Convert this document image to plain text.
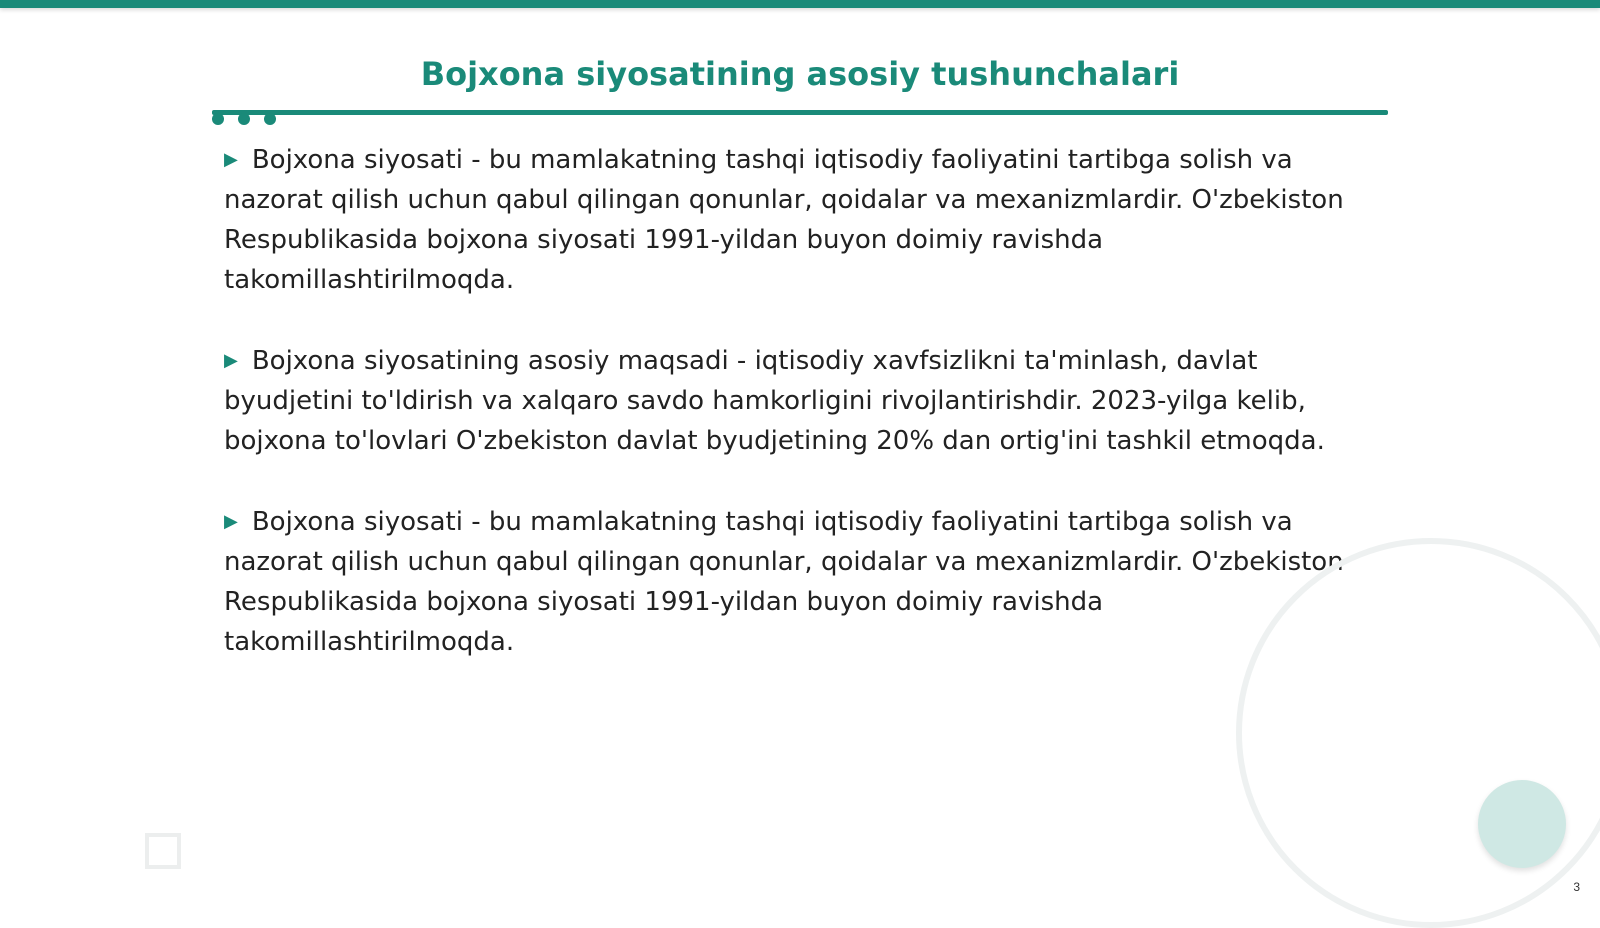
Bojxona siyosatining asosiy tushunchalari

▶ Bojxona siyosati - bu mamlakatning tashqi iqtisodiy faoliyatini tartibga solish va nazorat qilish uchun qabul qilingan qonunlar, qoidalar va mexanizmlardir. O'zbekiston Respublikasida bojxona siyosati 1991-yildan buyon doimiy ravishda takomillashtirilmoqda.

▶ Bojxona siyosatining asosiy maqsadi - iqtisodiy xavfsizlikni ta'minlash, davlat byudjetini to'ldirish va xalqaro savdo hamkorligini rivojlantirishdir. 2023-yilga kelib, bojxona to'lovlari O'zbekiston davlat byudjetining 20% dan ortig'ini tashkil etmoqda.

▶ Bojxona siyosati - bu mamlakatning tashqi iqtisodiy faoliyatini tartibga solish va nazorat qilish uchun qabul qilingan qonunlar, qoidalar va mexanizmlardir. O'zbekiston Respublikasida bojxona siyosati 1991-yildan buyon doimiy ravishda takomillashtirilmoqda.

3
